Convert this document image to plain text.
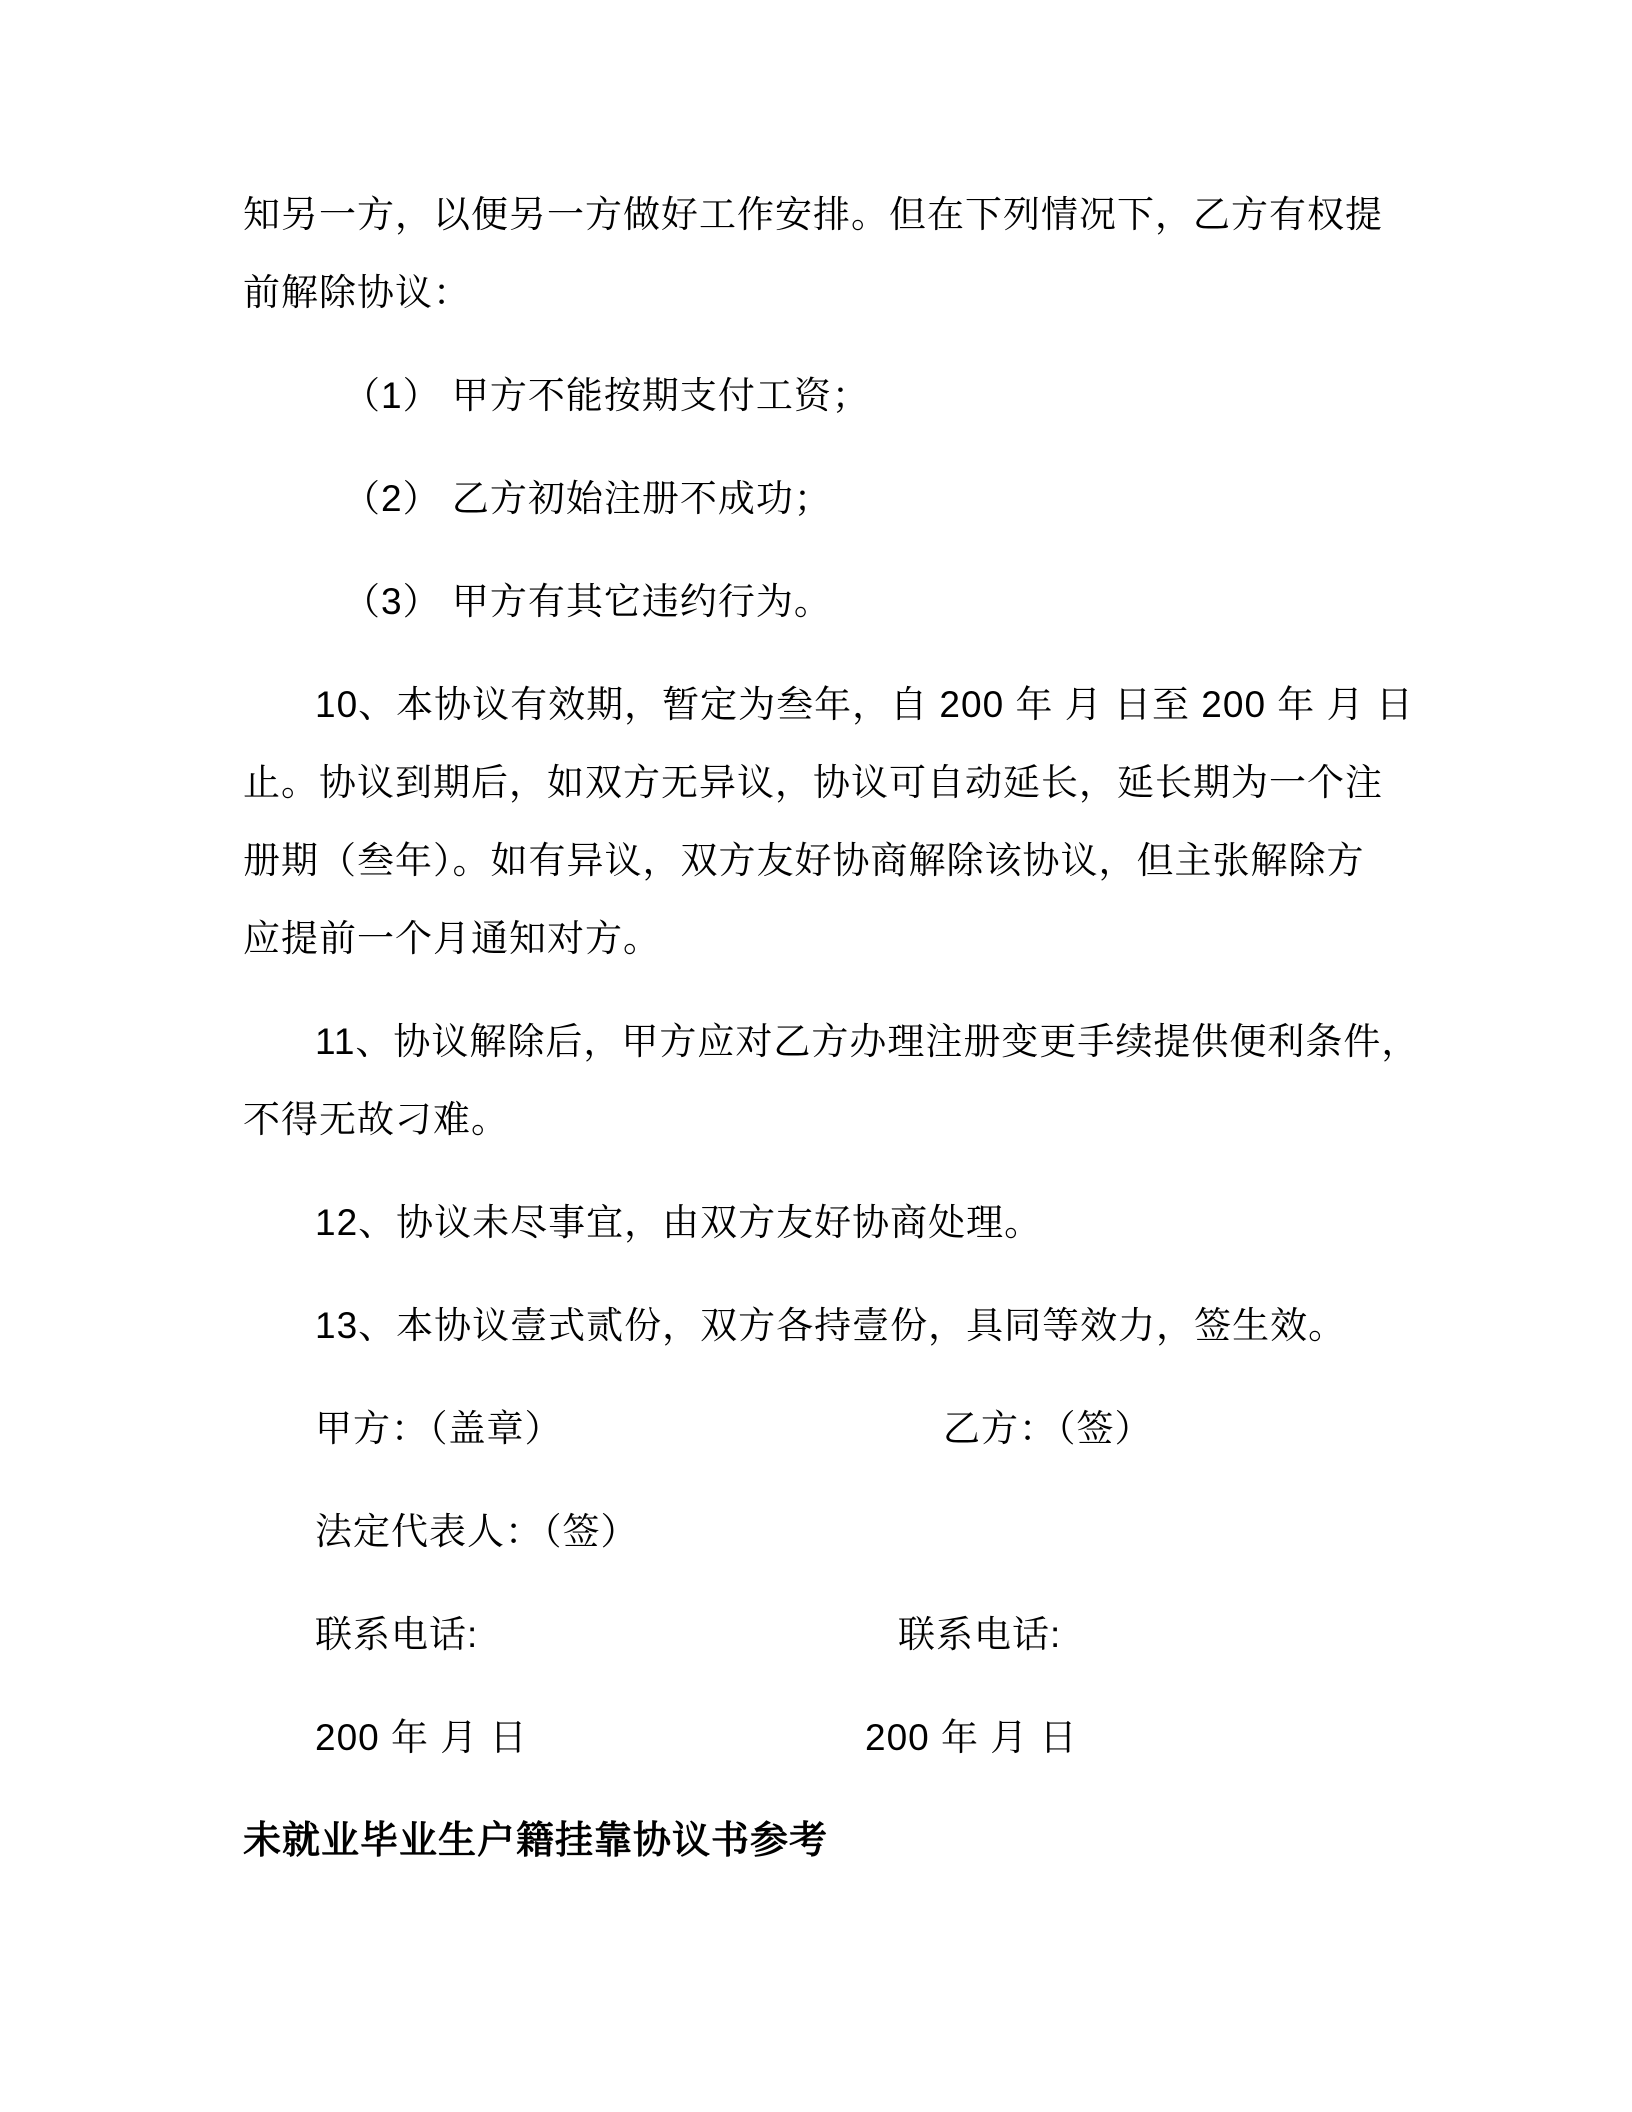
知另一方，以便另一方做好工作安排。但在下列情况下，乙方有权提
前解除协议：
（1） 甲方不能按期支付工资；
（2） 乙方初始注册不成功；
（3） 甲方有其它违约行为。
10、本协议有效期，暂定为叁年，自 200 年 月 日至 200 年 月 日
止。协议到期后，如双方无异议，协议可自动延长，延长期为一个注
册期（叁年）。如有异议，双方友好协商解除该协议，但主张解除方
应提前一个月通知对方。
11、协议解除后，甲方应对乙方办理注册变更手续提供便利条件，
不得无故刁难。
12、协议未尽事宜，由双方友好协商处理。
13、本协议壹式贰份，双方各持壹份，具同等效力，签生效。
甲方：（盖章）	乙方：（签）
法定代表人：（签）
联系电话:	联系电话:
200 年 月 日	200 年 月 日
未就业毕业生户籍挂靠协议书参考
